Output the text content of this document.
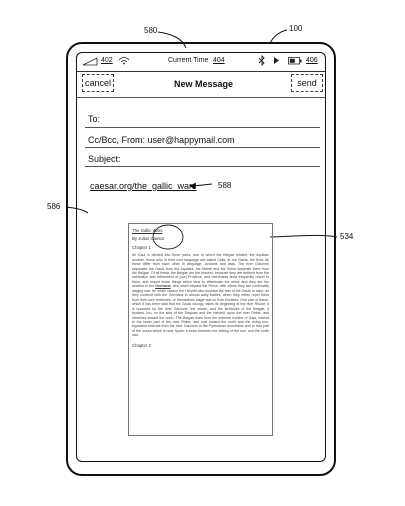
580	100
586
588
534
402	Current Time 404	406
cancel	New Message	send
To:
Cc/Bcc, From: user@happymail.com
Subject:
caesar.org/the_gallic_wars
The Gallic Wars
By Julius Caesar
Chapter 1
All Gaul is divided into three parts, one of which the Belgae inhabit, the Aquitani another, those who in their own language are called Celts, in our Gauls, the third. All these differ from each other in language, customs and laws. The river Garonne separates the Gauls from the Aquitani; the Marne and the Seine separate them from the Belgae. Of all these, the Belgae are the bravest, because they are furthest from the civilization and refinement of [our] Province, and merchants least frequently resort to them, and import those things which tend to effeminate the mind; and they are the nearest to the Germans, who dwell beyond the Rhine, with whom they are continually waging war; for which reason the Helvetii also surpass the rest of the Gauls in valor, as they contend with the Germans in almost daily battles, when they either repel them from their own territories, or themselves wage war on their frontiers. One part of these, which it has been said that the Gauls occupy, takes its beginning at the river Rhone; it is bounded by the river Garonne, the ocean, and the territories of the Belgae; it borders, too, on the side of the Sequani and the Helvetii, upon the river Rhine, and stretches toward the north. The Belgae rises from the extreme frontier of Gaul, extend to the lower part of the river Rhine; and look toward the north and the rising sun. Aquitania extends from the river Garonne to the Pyrenaean mountains and to that part of the ocean which is near Spain: it looks between the setting of the sun, and the north star.
Chapter 2
